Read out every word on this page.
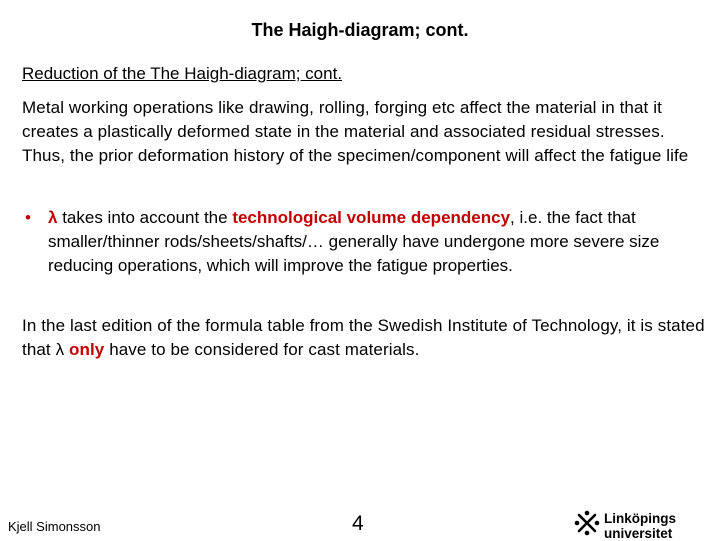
The Haigh-diagram; cont.
Reduction of the The Haigh-diagram; cont.
Metal working operations like drawing, rolling, forging etc affect the material in that it creates a plastically deformed state in the material and associated residual stresses. Thus, the prior deformation history of the specimen/component will affect the fatigue life
• λ takes into account the technological volume dependency, i.e. the fact that smaller/thinner rods/sheets/shafts/… generally have undergone more severe size reducing operations, which will improve the fatigue properties.
In the last edition of the formula table from the Swedish Institute of Technology, it is stated that λ only have to be considered for cast materials.
Kjell Simonsson	4	Linköpings universitet
